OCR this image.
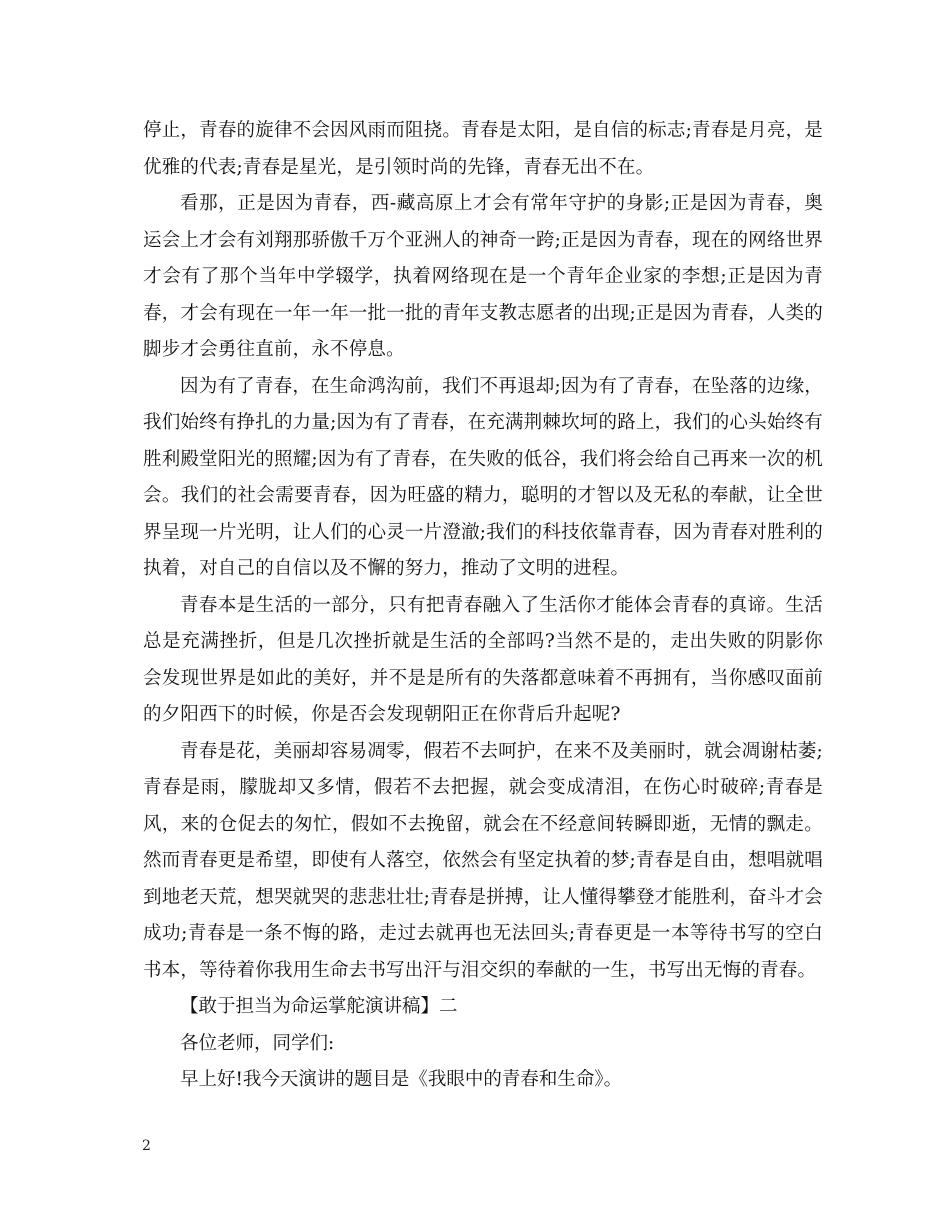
停止，青春的旋律不会因风雨而阻挠。青春是太阳，是自信的标志;青春是月亮，是优雅的代表;青春是星光，是引领时尚的先锋，青春无出不在。

看那，正是因为青春，西-藏高原上才会有常年守护的身影;正是因为青春，奥运会上才会有刘翔那骄傲千万个亚洲人的神奇一跨;正是因为青春，现在的网络世界才会有了那个当年中学辍学，执着网络现在是一个青年企业家的李想;正是因为青春，才会有现在一年一年一批一批的青年支教志愿者的出现;正是因为青春，人类的脚步才会勇往直前，永不停息。

因为有了青春，在生命鸿沟前，我们不再退却;因为有了青春，在坠落的边缘，我们始终有挣扎的力量;因为有了青春，在充满荆棘坎坷的路上，我们的心头始终有胜利殿堂阳光的照耀;因为有了青春，在失败的低谷，我们将会给自己再来一次的机会。我们的社会需要青春，因为旺盛的精力，聪明的才智以及无私的奉献，让全世界呈现一片光明，让人们的心灵一片澄澈;我们的科技依靠青春，因为青春对胜利的执着，对自己的自信以及不懈的努力，推动了文明的进程。

青春本是生活的一部分，只有把青春融入了生活你才能体会青春的真谛。生活总是充满挫折，但是几次挫折就是生活的全部吗?当然不是的，走出失败的阴影你会发现世界是如此的美好，并不是是所有的失落都意味着不再拥有，当你感叹面前的夕阳西下的时候，你是否会发现朝阳正在你背后升起呢?

青春是花，美丽却容易凋零，假若不去呵护，在来不及美丽时，就会凋谢枯萎;青春是雨，朦胧却又多情，假若不去把握，就会变成清泪，在伤心时破碎;青春是风，来的仓促去的匆忙，假如不去挽留，就会在不经意间转瞬即逝，无情的飘走。然而青春更是希望，即使有人落空，依然会有坚定执着的梦;青春是自由，想唱就唱到地老天荒，想哭就哭的悲悲壮壮;青春是拼搏，让人懂得攀登才能胜利，奋斗才会成功;青春是一条不悔的路，走过去就再也无法回头;青春更是一本等待书写的空白书本，等待着你我用生命去书写出汗与泪交织的奉献的一生，书写出无悔的青春。

【敢于担当为命运掌舵演讲稿】二

各位老师，同学们:

早上好!我今天演讲的题目是《我眼中的青春和生命》。

2
